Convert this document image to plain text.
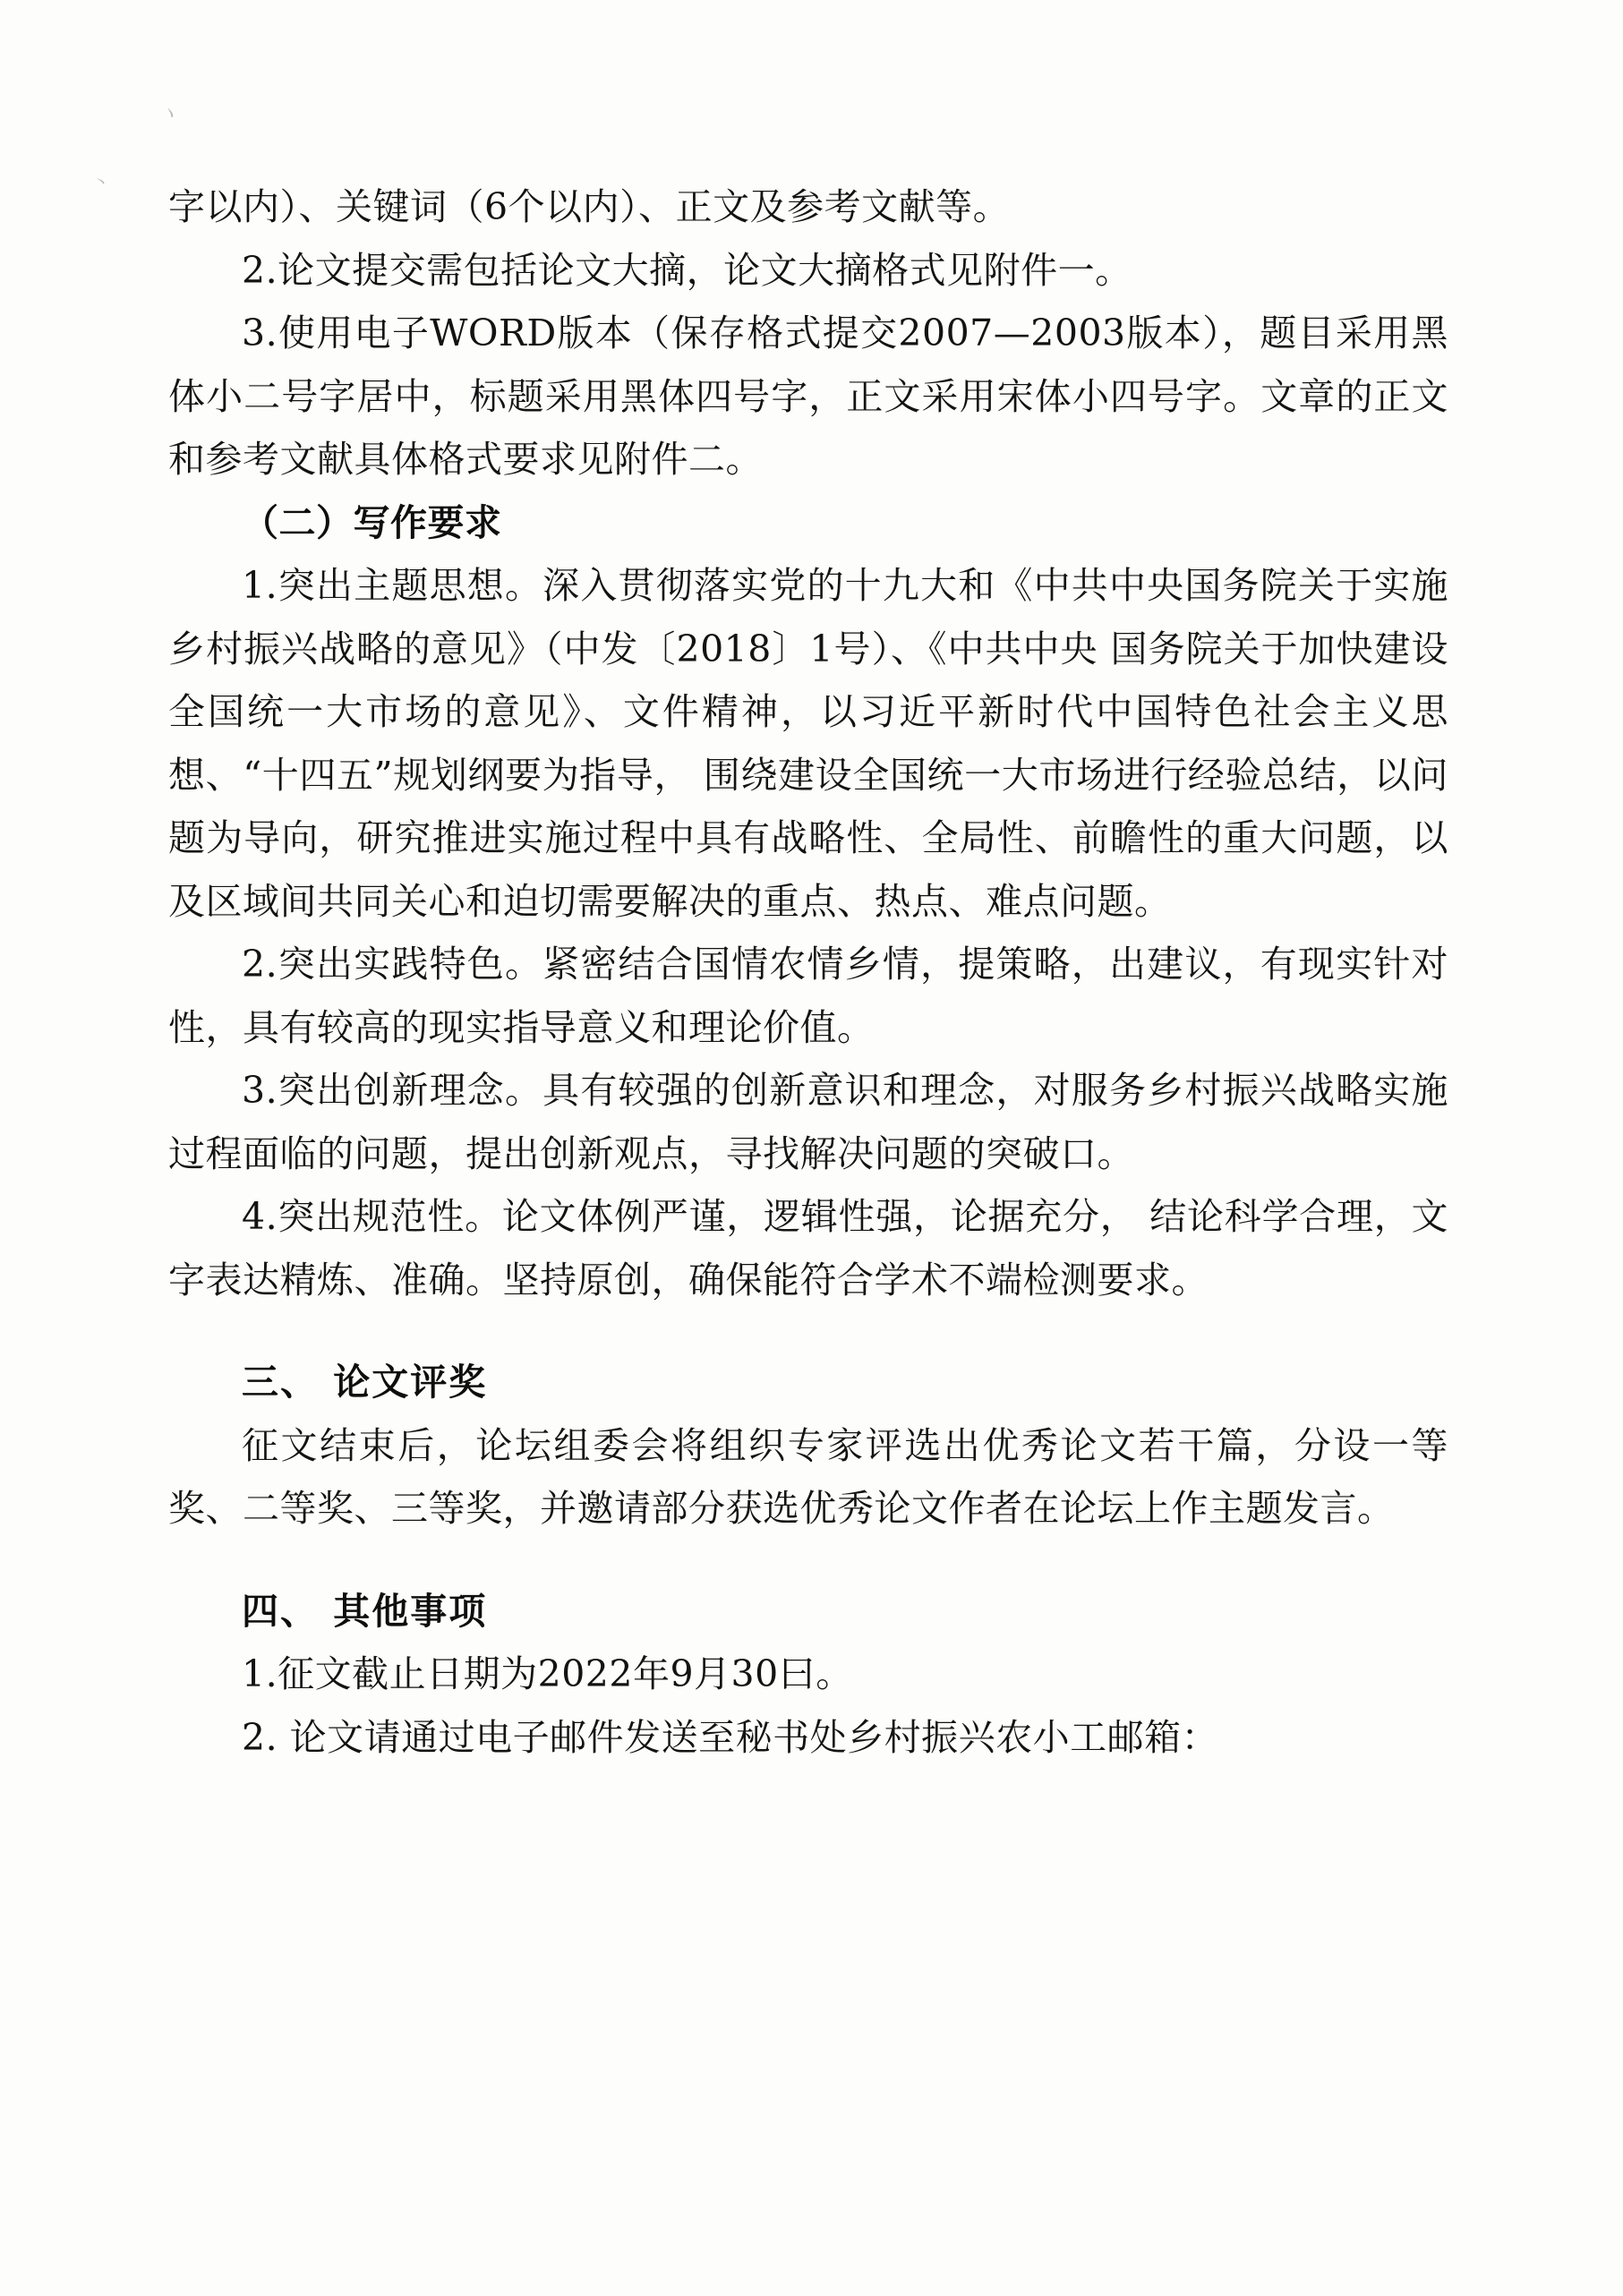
丶
丶

字以内）、关键词（6个以内）、正文及参考文献等。

2.论文提交需包括论文大摘，论文大摘格式见附件一。

3.使用电子WORD版本（保存格式提交2007—2003版本），题目采用黑体小二号字居中，标题采用黑体四号字，正文采用宋体小四号字。文章的正文和参考文献具体格式要求见附件二。

（二）写作要求

1.突出主题思想。深入贯彻落实党的十九大和《中共中央国务院关于实施乡村振兴战略的意见》（中发〔2018〕1号）、《中共中央 国务院关于加快建设全国统一大市场的意见》、文件精神，以习近平新时代中国特色社会主义思想、“十四五”规划纲要为指导， 围绕建设全国统一大市场进行经验总结，以问题为导向，研究推进实施过程中具有战略性、全局性、前瞻性的重大问题，以及区域间共同关心和迫切需要解决的重点、热点、难点问题。

2.突出实践特色。紧密结合国情农情乡情，提策略，出建议，有现实针对性，具有较高的现实指导意义和理论价值。

3.突出创新理念。具有较强的创新意识和理念，对服务乡村振兴战略实施过程面临的问题，提出创新观点，寻找解决问题的突破口。

4.突出规范性。论文体例严谨，逻辑性强，论据充分， 结论科学合理，文字表达精炼、准确。坚持原创，确保能符合学术不端检测要求。

三、 论文评奖

征文结束后，论坛组委会将组织专家评选出优秀论文若干篇，分设一等奖、二等奖、三等奖，并邀请部分获选优秀论文作者在论坛上作主题发言。

四、 其他事项

1.征文截止日期为2022年9月30曰。

2. 论文请通过电子邮件发送至秘书处乡村振兴农小工邮箱：
